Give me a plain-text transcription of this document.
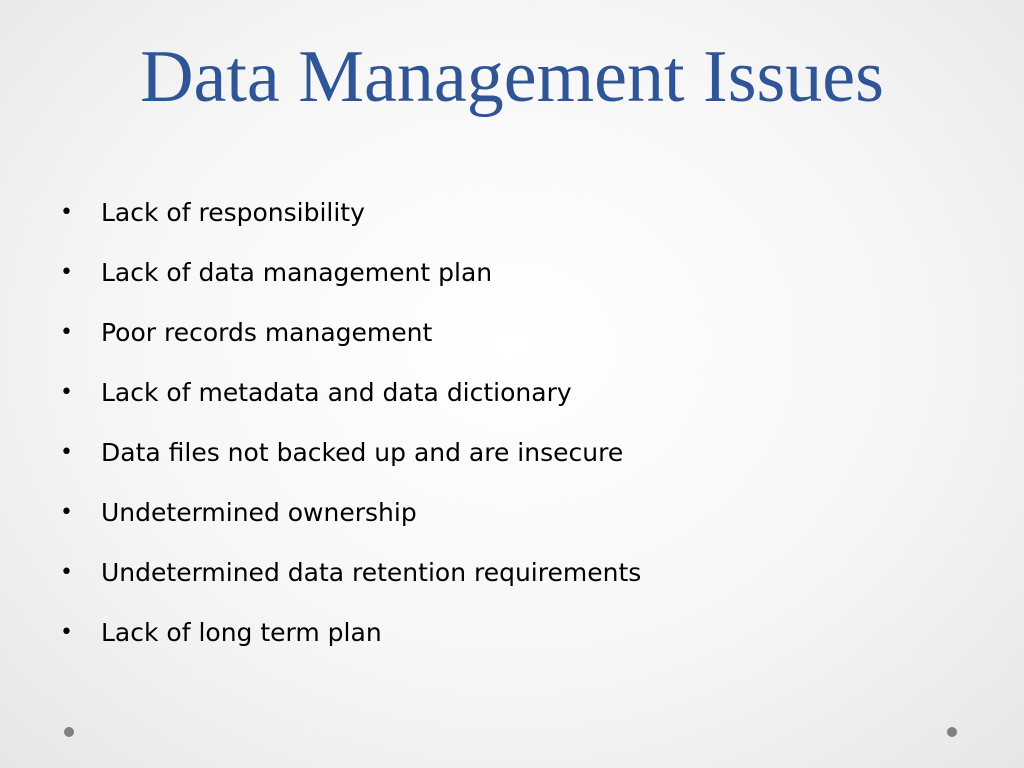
Data Management Issues
• Lack of responsibility
• Lack of data management plan
• Poor records management
• Lack of metadata and data dictionary
• Data files not backed up and are insecure
• Undetermined ownership
• Undetermined data retention requirements
• Lack of long term plan
